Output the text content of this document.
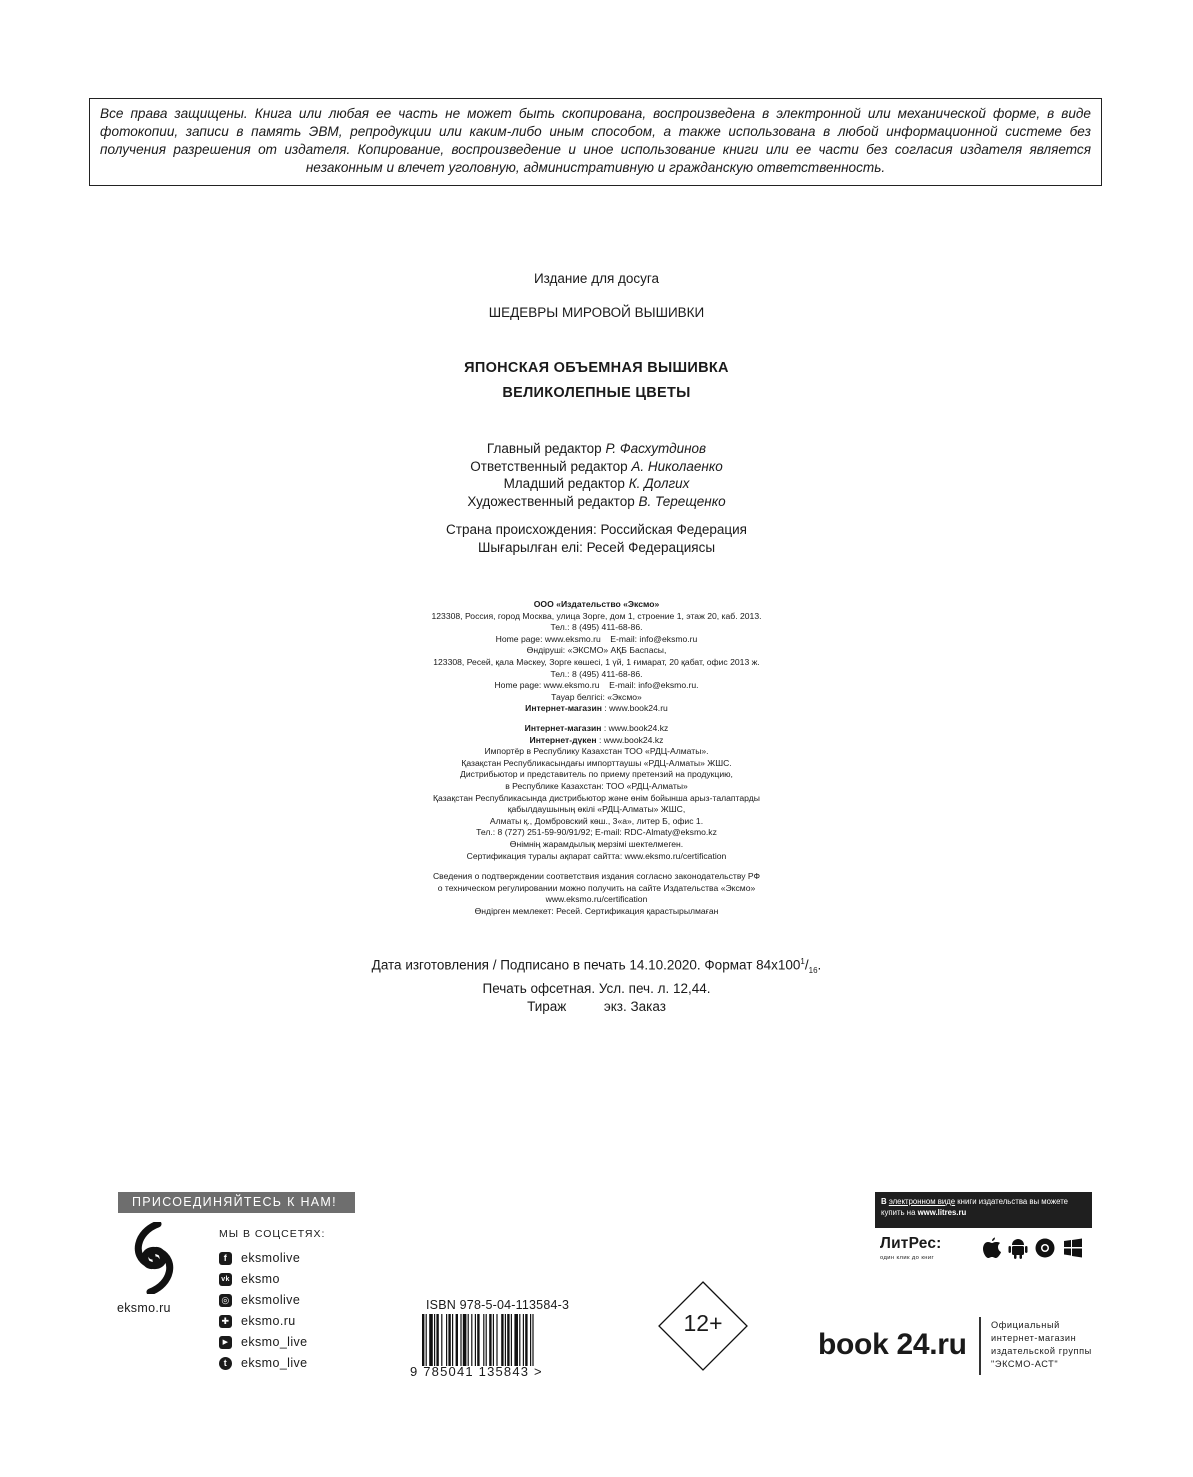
Все права защищены. Книга или любая ее часть не может быть скопирована, воспроизведена в электронной или механической форме, в виде фотокопии, записи в память ЭВМ, репродукции или каким-либо иным способом, а также использована в любой информационной системе без получения разрешения от издателя. Копирование, воспроизведение и иное использование книги или ее части без согласия издателя является незаконным и влечет уголовную, административную и гражданскую ответственность.
Издание для досуга
ШЕДЕВРЫ МИРОВОЙ ВЫШИВКИ
ЯПОНСКАЯ ОБЪЕМНАЯ ВЫШИВКА
ВЕЛИКОЛЕПНЫЕ ЦВЕТЫ
Главный редактор Р. Фасхутдинов
Ответственный редактор А. Николаенко
Младший редактор К. Долгих
Художественный редактор В. Терещенко
Страна происхождения: Российская Федерация
Шығарылған елі: Ресей Федерациясы
ООО «Издательство «Эксмо»
123308, Россия, город Москва, улица Зорге, дом 1, строение 1, этаж 20, каб. 2013.
Тел.: 8 (495) 411-68-86.
Home page: www.eksmo.ru    E-mail: info@eksmo.ru
Өндіруші: «ЭКСМО» АҚБ Баспасы,
123308, Ресей, қала Мәскеу, Зорге көшесі, 1 үй, 1 ғимарат, 20 қабат, офис 2013 ж.
Тел.: 8 (495) 411-68-86.
Home page: www.eksmo.ru    E-mail: info@eksmo.ru.
Тауар белгісі: «Эксмо»
Интернет-магазин : www.book24.ru
Интернет-магазин : www.book24.kz
Интернет-дүкен : www.book24.kz
Импортёр в Республику Казахстан ТОО «РДЦ-Алматы».
Қазақстан Республикасындағы импорттаушы «РДЦ-Алматы» ЖШС.
Дистрибьютор и представитель по приему претензий на продукцию,
в Республике Казахстан: ТОО «РДЦ-Алматы»
Қазақстан Республикасында дистрибьютор және өнім бойынша арыз-талаптарды
қабылдаушының өкілі «РДЦ-Алматы» ЖШС,
Алматы қ., Домбровский көш., 3«а», литер Б, офис 1.
Тел.: 8 (727) 251-59-90/91/92; E-mail: RDC-Almaty@eksmo.kz
Өнімнің жарамдылық мерзімі шектелмеген.
Сертификация туралы ақпарат сайтта: www.eksmo.ru/certification
Сведения о подтверждении соответствия издания согласно законодательству РФ
о техническом регулировании можно получить на сайте Издательства «Эксмо»
www.eksmo.ru/certification
Өндірген мемлекет: Ресей. Сертификация қарастырылмаған
Дата изготовления / Подписано в печать 14.10.2020. Формат $84x100^1/_{16}$.
Печать офсетная. Усл. печ. л. 12,44.
Тираж          экз. Заказ
ПРИСОЕДИНЯЙТЕСЬ К НАМ!
eksmo.ru
МЫ В СОЦСЕТЯХ:
f	eksmolive
vk eksmo
◎ eksmolive
✚ eksmo.ru
▶ eksmo_live
t	eksmo_live
ISBN 978-5-04-113584-3
9 785041 135843 >
12+
В электронном виде книги издательства вы можете купить на www.litres.ru
ЛитРес:
один клик до книг
book 24.ru
Официальный
интернет-магазин
издательской группы
"ЭКСМО-АСТ"
